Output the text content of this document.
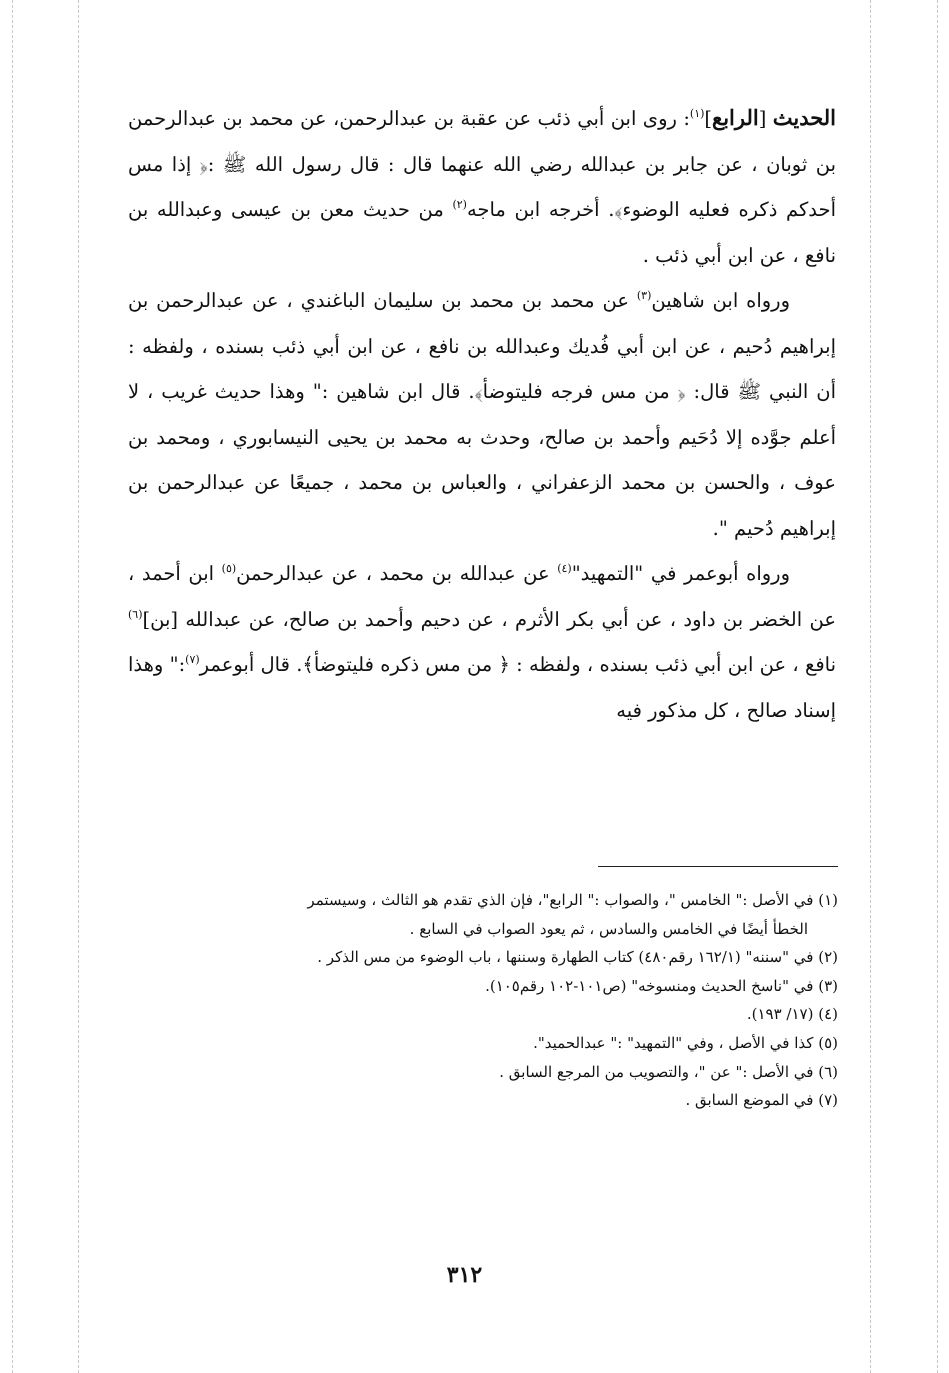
الحديث [الرابع]$^{(١)}$: روى ابن أبي ذئب عن عقبة بن عبدالرحمن، عن محمد بن عبدالرحمن بن ثوبان ، عن جابر بن عبدالله رضي الله عنهما قال : قال رسول الله ﷺ :﴿ إذا مس أحدكم ذكره فعليه الوضوء﴾. أخرجه ابن ماجه$^{(٢)}$ من حديث معن بن عيسى وعبدالله بن نافع ، عن ابن أبي ذئب .

ورواه ابن شاهين$^{(٣)}$ عن محمد بن محمد بن سليمان الباغندي ، عن عبدالرحمن بن إبراهيم دُحيم ، عن ابن أبي فُديك وعبدالله بن نافع ، عن ابن أبي ذئب بسنده ، ولفظه : أن النبي ﷺ قال: ﴿ من مس فرجه فليتوضأ﴾. قال ابن شاهين :" وهذا حديث غريب ، لا أعلم جوَّده إلا دُحَيم وأحمد بن صالح، وحدث به محمد بن يحيى النيسابوري ، ومحمد بن عوف ، والحسن بن محمد الزعفراني ، والعباس بن محمد ، جميعًا عن عبدالرحمن بن إبراهيم دُحيم ".

ورواه أبوعمر في "التمهيد"$^{(٤)}$ عن عبدالله بن محمد ، عن عبدالرحمن$^{(٥)}$ ابن أحمد ، عن الخضر بن داود ، عن أبي بكر الأثرم ، عن دحيم وأحمد بن صالح، عن عبدالله [بن]$^{(٦)}$ نافع ، عن ابن أبي ذئب بسنده ، ولفظه : ﴿ من مس ذكره فليتوضأ﴾. قال أبوعمر$^{(٧)}$:" وهذا إسناد صالح ، كل مذكور فيه

(١) في الأصل :" الخامس "، والصواب :" الرابع"، فإن الذي تقدم هو الثالث ، وسيستمر

الخطأ أيضًا في الخامس والسادس ، ثم يعود الصواب في السابع .

(٢) في "سننه" (١٦٢/١ رقم٤٨٠) كتاب الطهارة وسننها ، باب الوضوء من مس الذكر .

(٣) في "ناسخ الحديث ومنسوخه" (ص١٠١-١٠٢ رقم١٠٥).

(٤) (١٧/ ١٩٣).

(٥) كذا في الأصل ، وفي "التمهيد" :" عبدالحميد".

(٦) في الأصل :" عن "، والتصويب من المرجع السابق .

(٧) في الموضع السابق .

٣١٢
